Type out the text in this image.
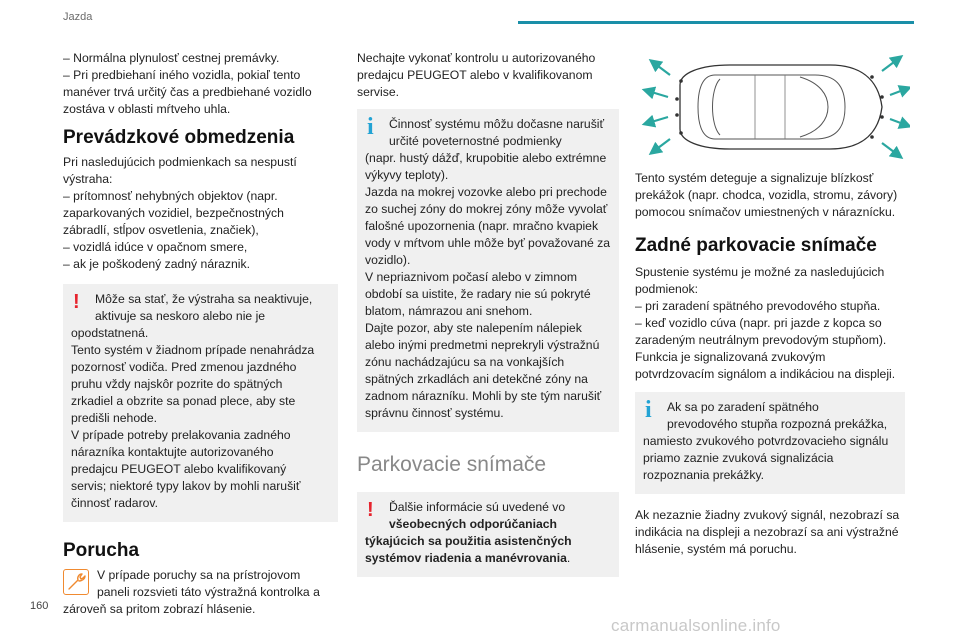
Jazda

– Normálna plynulosť cestnej premávky.

– Pri predbiehaní iného vozidla, pokiaľ tento

manéver trvá určitý čas a predbiehané vozidlo

zostáva v oblasti mŕtveho uhla.

Prevádzkové obmedzenia

Pri nasledujúcich podmienkach sa nespustí

výstraha:

– prítomnosť nehybných objektov (napr.

zaparkovaných vozidiel, bezpečnostných

zábradlí, stĺpov osvetlenia, značiek),

– vozidlá idúce v opačnom smere,

– ak je poškodený zadný náraznik.

!	Môže sa stať, že výstraha sa neaktivuje,

aktivuje sa neskoro alebo nie je

opodstatnená.

Tento systém v žiadnom prípade nenahrádza

pozornosť vodiča. Pred zmenou jazdného

pruhu vždy najskôr pozrite do spätných

zrkadiel a obzrite sa ponad plece, aby ste

predišli nehode.

V prípade potreby prelakovania zadného

nárazníka kontaktujte autorizovaného

predajcu PEUGEOT alebo kvalifikovaný

servis; niektoré typy lakov by mohli narušiť

činnosť radarov.

Porucha

V prípade poruchy sa na prístrojovom

paneli rozsvieti táto výstražná kontrolka a

zároveň sa pritom zobrazí hlásenie.

Nechajte vykonať kontrolu u autorizovaného

predajcu PEUGEOT alebo v kvalifikovanom

servise.

i	Činnosť systému môžu dočasne narušiť

určité poveternostné podmienky

(napr. hustý dážď, krupobitie alebo extrémne

výkyvy teploty).

Jazda na mokrej vozovke alebo pri prechode

zo suchej zóny do mokrej zóny môže vyvolať

falošné upozornenia (napr. mračno kvapiek

vody v mŕtvom uhle môže byť považované za

vozidlo).

V nepriaznivom počasí alebo v zimnom

období sa uistite, že radary nie sú pokryté

blatom, námrazou ani snehom.

Dajte pozor, aby ste nalepením nálepiek

alebo inými predmetmi neprekryli výstražnú

zónu nachádzajúcu sa na vonkajších

spätných zrkadlách ani detekčné zóny na

zadnom nárazníku. Mohli by ste tým narušiť

správnu činnosť systému.

Parkovacie snímače
!	Ďalšie informácie sú uvedené vo

všeobecných odporúčaniach

týkajúcich sa použitia asistenčných

systémov riadenia a manévrovania.

Tento systém deteguje a signalizuje blízkosť

prekážok (napr. chodca, vozidla, stromu, závory)

pomocou snímačov umiestnených v náraznícku.

Zadné parkovacie snímače

Spustenie systému je možné za nasledujúcich

podmienok:

– pri zaradení spätného prevodového stupňa.

– keď vozidlo cúva (napr. pri jazde z kopca so

zaradeným neutrálnym prevodovým stupňom).

Funkcia je signalizovaná zvukovým

potvrdzovacím signálom a indikáciou na displeji.

i	Ak sa po zaradení spätného

prevodového stupňa rozpozná prekážka,

namiesto zvukového potvrdzovacieho signálu

priamo zaznie zvuková signalizácia

rozpoznania prekážky.

Ak nezaznie žiadny zvukový signál, nezobrazí sa

indikácia na displeji a nezobrazí sa ani výstražné

hlásenie, systém má poruchu.

160
carmanualsonline.info
